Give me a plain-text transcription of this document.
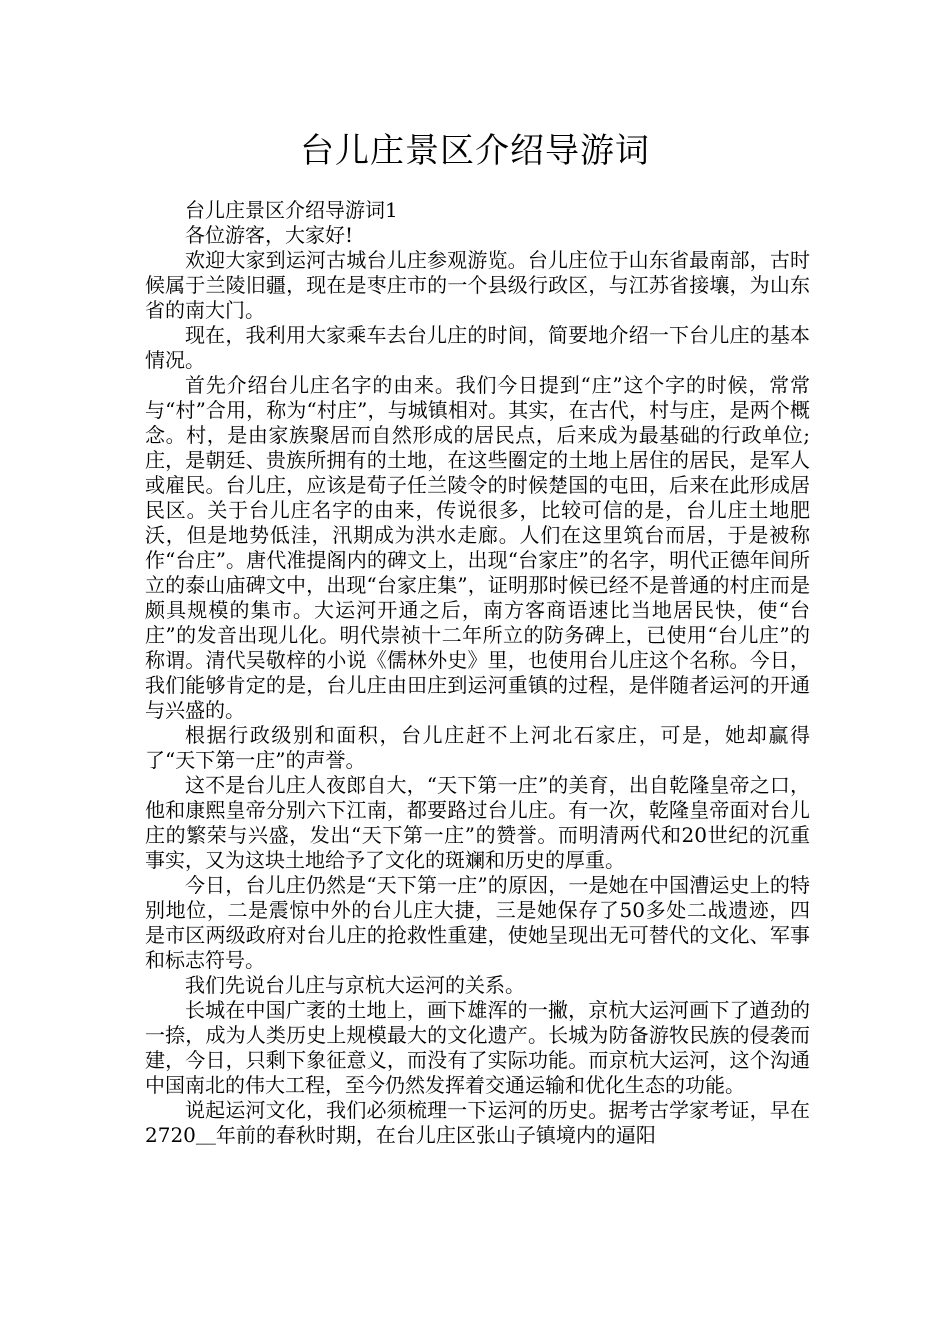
台儿庄景区介绍导游词

台儿庄景区介绍导游词1

各位游客，大家好!

欢迎大家到运河古城台儿庄参观游览。台儿庄位于山东省最南部，古时候属于兰陵旧疆，现在是枣庄市的一个县级行政区，与江苏省接壤，为山东省的南大门。

现在，我利用大家乘车去台儿庄的时间，简要地介绍一下台儿庄的基本情况。

首先介绍台儿庄名字的由来。我们今日提到“庄”这个字的时候，常常与“村”合用，称为“村庄”，与城镇相对。其实，在古代，村与庄，是两个概念。村，是由家族聚居而自然形成的居民点，后来成为最基础的行政单位;庄，是朝廷、贵族所拥有的土地，在这些圈定的土地上居住的居民，是军人或雇民。台儿庄，应该是荀子任兰陵令的时候楚国的屯田，后来在此形成居民区。关于台儿庄名字的由来，传说很多，比较可信的是，台儿庄土地肥沃，但是地势低洼，汛期成为洪水走廊。人们在这里筑台而居，于是被称作“台庄”。唐代准提阁内的碑文上，出现“台家庄”的名字，明代正德年间所立的泰山庙碑文中，出现“台家庄集”，证明那时候已经不是普通的村庄而是颇具规模的集市。大运河开通之后，南方客商语速比当地居民快，使“台庄”的发音出现儿化。明代崇祯十二年所立的防务碑上，已使用“台儿庄”的称谓。清代吴敬梓的小说《儒林外史》里，也使用台儿庄这个名称。今日，我们能够肯定的是，台儿庄由田庄到运河重镇的过程，是伴随者运河的开通与兴盛的。

根据行政级别和面积，台儿庄赶不上河北石家庄，可是，她却赢得了“天下第一庄”的声誉。

这不是台儿庄人夜郎自大，“天下第一庄”的美育，出自乾隆皇帝之口，他和康熙皇帝分别六下江南，都要路过台儿庄。有一次，乾隆皇帝面对台儿庄的繁荣与兴盛，发出“天下第一庄”的赞誉。而明清两代和20世纪的沉重事实，又为这块土地给予了文化的斑斓和历史的厚重。

今日，台儿庄仍然是“天下第一庄”的原因，一是她在中国漕运史上的特别地位，二是震惊中外的台儿庄大捷，三是她保存了50多处二战遗迹，四是市区两级政府对台儿庄的抢救性重建，使她呈现出无可替代的文化、军事和标志符号。

我们先说台儿庄与京杭大运河的关系。

长城在中国广袤的土地上，画下雄浑的一撇，京杭大运河画下了遒劲的一捺，成为人类历史上规模最大的文化遗产。长城为防备游牧民族的侵袭而建，今日，只剩下象征意义，而没有了实际功能。而京杭大运河，这个沟通中国南北的伟大工程，至今仍然发挥着交通运输和优化生态的功能。

说起运河文化，我们必须梳理一下运河的历史。据考古学家考证，早在2720＿年前的春秋时期，在台儿庄区张山子镇境内的逼阳
